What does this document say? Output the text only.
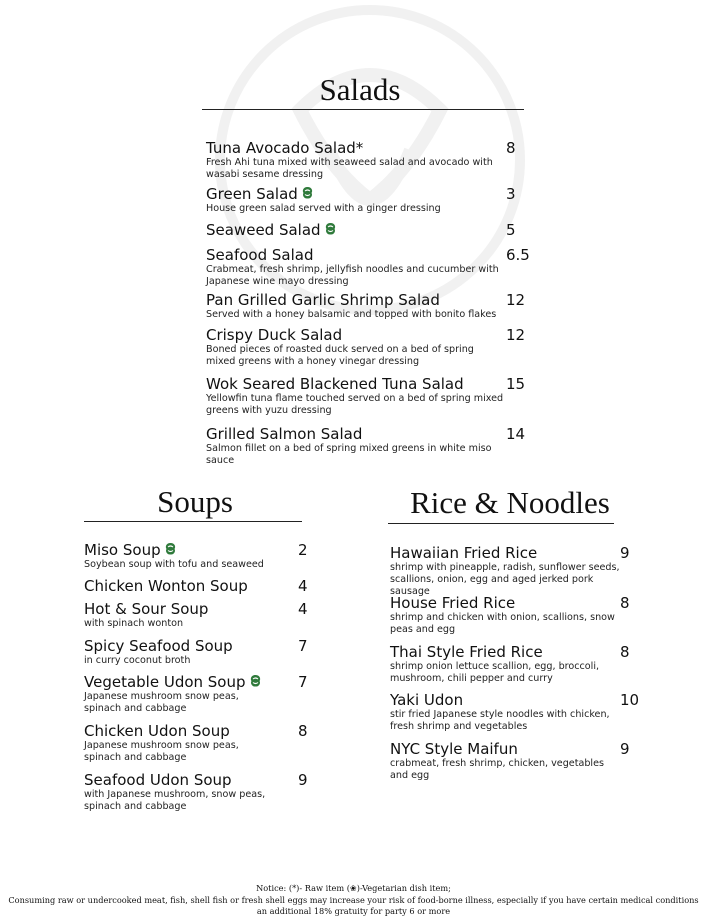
Salads
Tuna Avocado Salad*
Fresh Ahi tuna mixed with seaweed salad and avocado with wasabi sesame dressing
8
Green Salad
House green salad served with a ginger dressing
3
Seaweed Salad	5
Seafood Salad
Crabmeat, fresh shrimp, jellyfish noodles and cucumber with Japanese wine mayo dressing
6.5
Pan Grilled Garlic Shrimp Salad
Served with a honey balsamic and topped with bonito flakes
12
Crispy Duck Salad
Boned pieces of roasted duck served on a bed of spring mixed greens with a honey vinegar dressing
12
Wok Seared Blackened Tuna Salad
Yellowfin tuna flame touched served on a bed of spring mixed greens with yuzu dressing
15
Grilled Salmon Salad
Salmon fillet on a bed of spring mixed greens in white miso sauce
14
Soups
Miso Soup
Soybean soup with tofu and seaweed
2
Chicken Wonton Soup	4
Hot & Sour Soup
with spinach wonton
4
Spicy Seafood Soup
in curry coconut broth
7
Vegetable Udon Soup
Japanese mushroom snow peas, spinach and cabbage
7
Chicken Udon Soup
Japanese mushroom snow peas, spinach and cabbage
8
Seafood Udon Soup
with Japanese mushroom, snow peas, spinach and cabbage
9
Rice & Noodles
Hawaiian Fried Rice
shrimp with pineapple, radish, sunflower seeds, scallions, onion, egg and aged jerked pork sausage
9
House Fried Rice
shrimp and chicken with onion, scallions, snow peas and egg
8
Thai Style Fried Rice
shrimp onion lettuce scallion, egg, broccoli, mushroom, chili pepper and curry
8
Yaki Udon
stir fried Japanese style noodles with chicken, fresh shrimp and vegetables
10
NYC Style Maifun
crabmeat, fresh shrimp, chicken, vegetables and egg
9
Notice: (*)- Raw item (❀)-Vegetarian dish item;
Consuming raw or undercooked meat, fish, shell fish or fresh shell eggs may increase your risk of food-borne illness, especially if you have certain medical conditions
an additional 18% gratuity for party 6 or more
